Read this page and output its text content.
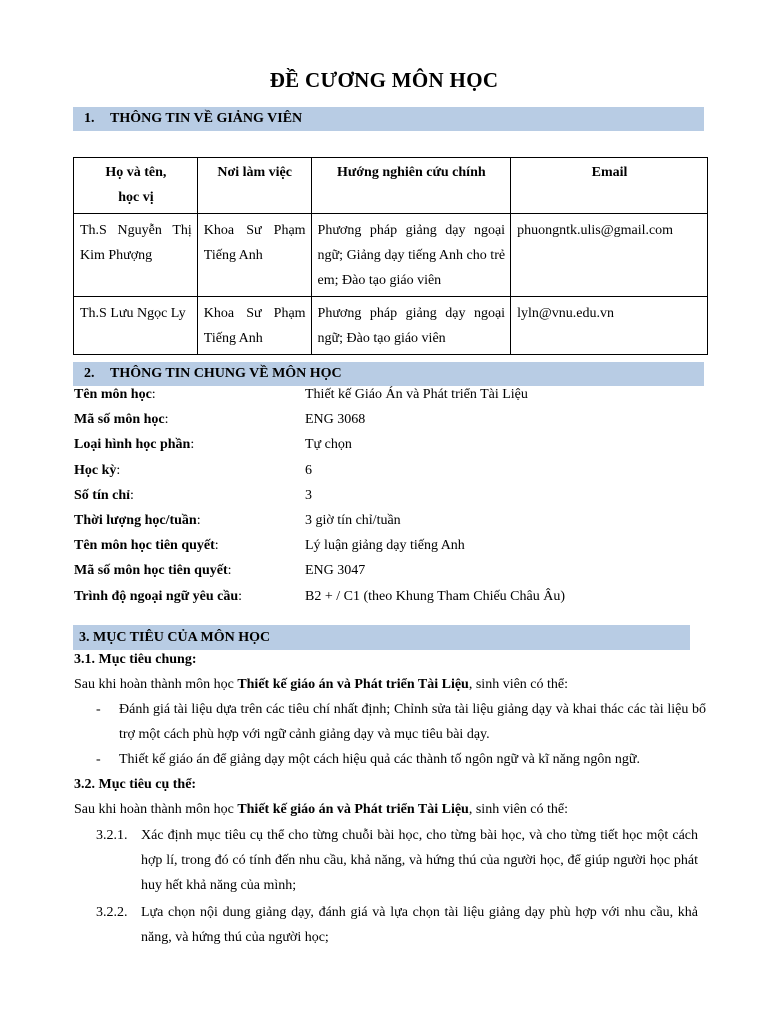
ĐỀ CƯƠNG MÔN HỌC
1. THÔNG TIN VỀ GIẢNG VIÊN
Họ và tên,
học vị	Nơi làm việc	Hướng nghiên cứu chính	Email
Th.S Nguyễn Thị Kim Phượng	Khoa Sư Phạm Tiếng Anh	Phương pháp giảng dạy ngoại ngữ; Giảng dạy tiếng Anh cho trẻ em; Đào tạo giáo viên	phuongntk.ulis@gmail.com
Th.S Lưu Ngọc Ly	Khoa Sư Phạm Tiếng Anh	Phương pháp giảng dạy ngoại ngữ; Đào tạo giáo viên	lyln@vnu.edu.vn
2. THÔNG TIN CHUNG VỀ MÔN HỌC
Tên môn học:	Thiết kế Giáo Án và Phát triển Tài Liệu
Mã số môn học:	ENG 3068
Loại hình học phần:	Tự chọn
Học kỳ:	6
Số tín chỉ:	3
Thời lượng học/tuần:	3 giờ tín chỉ/tuần
Tên môn học tiên quyết:	Lý luận giảng dạy tiếng Anh
Mã số môn học tiên quyết:	ENG 3047
Trình độ ngoại ngữ yêu cầu:	B2 + / C1 (theo Khung Tham Chiếu Châu Âu)
3. MỤC TIÊU CỦA MÔN HỌC
3.1. Mục tiêu chung:
Sau khi hoàn thành môn học Thiết kế giáo án và Phát triển Tài Liệu, sinh viên có thể:
- Đánh giá tài liệu dựa trên các tiêu chí nhất định; Chỉnh sửa tài liệu giảng dạy và khai thác các tài liệu bổ trợ một cách phù hợp với ngữ cảnh giảng dạy và mục tiêu bài dạy.
- Thiết kế giáo án để giảng dạy một cách hiệu quả các thành tố ngôn ngữ và kĩ năng ngôn ngữ.
3.2. Mục tiêu cụ thể:
Sau khi hoàn thành môn học Thiết kế giáo án và Phát triển Tài Liệu, sinh viên có thể:
3.2.1. Xác định mục tiêu cụ thể cho từng chuỗi bài học, cho từng bài học, và cho từng tiết học một cách hợp lí, trong đó có tính đến nhu cầu, khả năng, và hứng thú của người học, để giúp người học phát huy hết khả năng của mình;
3.2.2. Lựa chọn nội dung giảng dạy, đánh giá và lựa chọn tài liệu giảng dạy phù hợp với nhu cầu, khả năng, và hứng thú của người học;
